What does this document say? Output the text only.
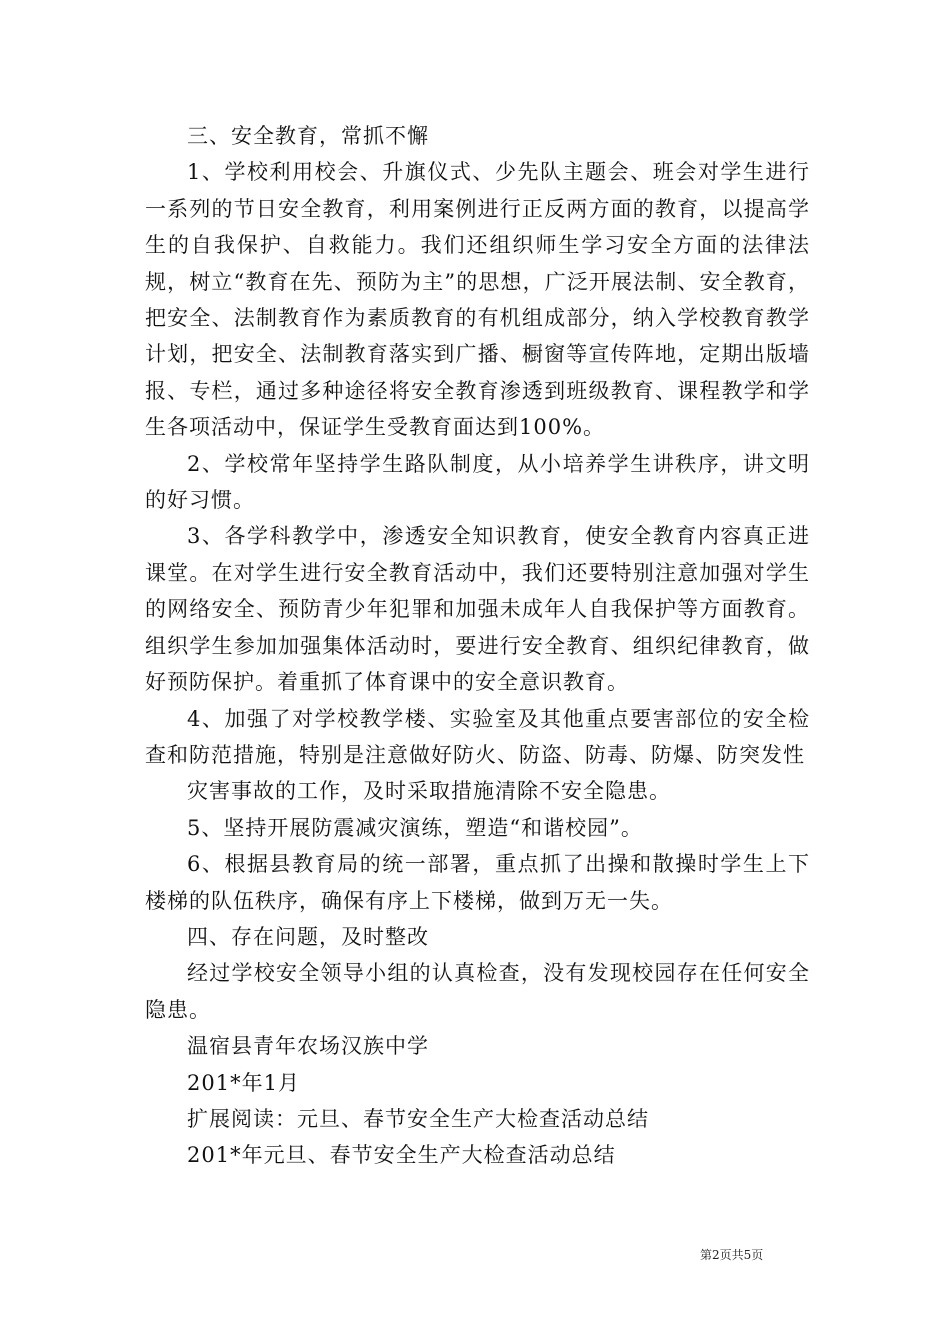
三、安全教育，常抓不懈

1、学校利用校会、升旗仪式、少先队主题会、班会对学生进行一系列的节日安全教育，利用案例进行正反两方面的教育，以提高学生的自我保护、自救能力。我们还组织师生学习安全方面的法律法规，树立“教育在先、预防为主”的思想，广泛开展法制、安全教育，把安全、法制教育作为素质教育的有机组成部分，纳入学校教育教学计划，把安全、法制教育落实到广播、橱窗等宣传阵地，定期出版墙报、专栏，通过多种途径将安全教育渗透到班级教育、课程教学和学生各项活动中，保证学生受教育面达到100%。

2、学校常年坚持学生路队制度，从小培养学生讲秩序，讲文明的好习惯。

3、各学科教学中，渗透安全知识教育，使安全教育内容真正进课堂。在对学生进行安全教育活动中，我们还要特别注意加强对学生的网络安全、预防青少年犯罪和加强未成年人自我保护等方面教育。组织学生参加加强集体活动时，要进行安全教育、组织纪律教育，做好预防保护。着重抓了体育课中的安全意识教育。

4、加强了对学校教学楼、实验室及其他重点要害部位的安全检查和防范措施，特别是注意做好防火、防盗、防毒、防爆、防突发性

灾害事故的工作，及时采取措施清除不安全隐患。

5、坚持开展防震减灾演练，塑造“和谐校园”。

6、根据县教育局的统一部署，重点抓了出操和散操时学生上下楼梯的队伍秩序，确保有序上下楼梯，做到万无一失。

四、存在问题，及时整改

经过学校安全领导小组的认真检查，没有发现校园存在任何安全隐患。

温宿县青年农场汉族中学

201*年1月

扩展阅读：元旦、春节安全生产大检查活动总结

201*年元旦、春节安全生产大检查活动总结

第2页共5页
